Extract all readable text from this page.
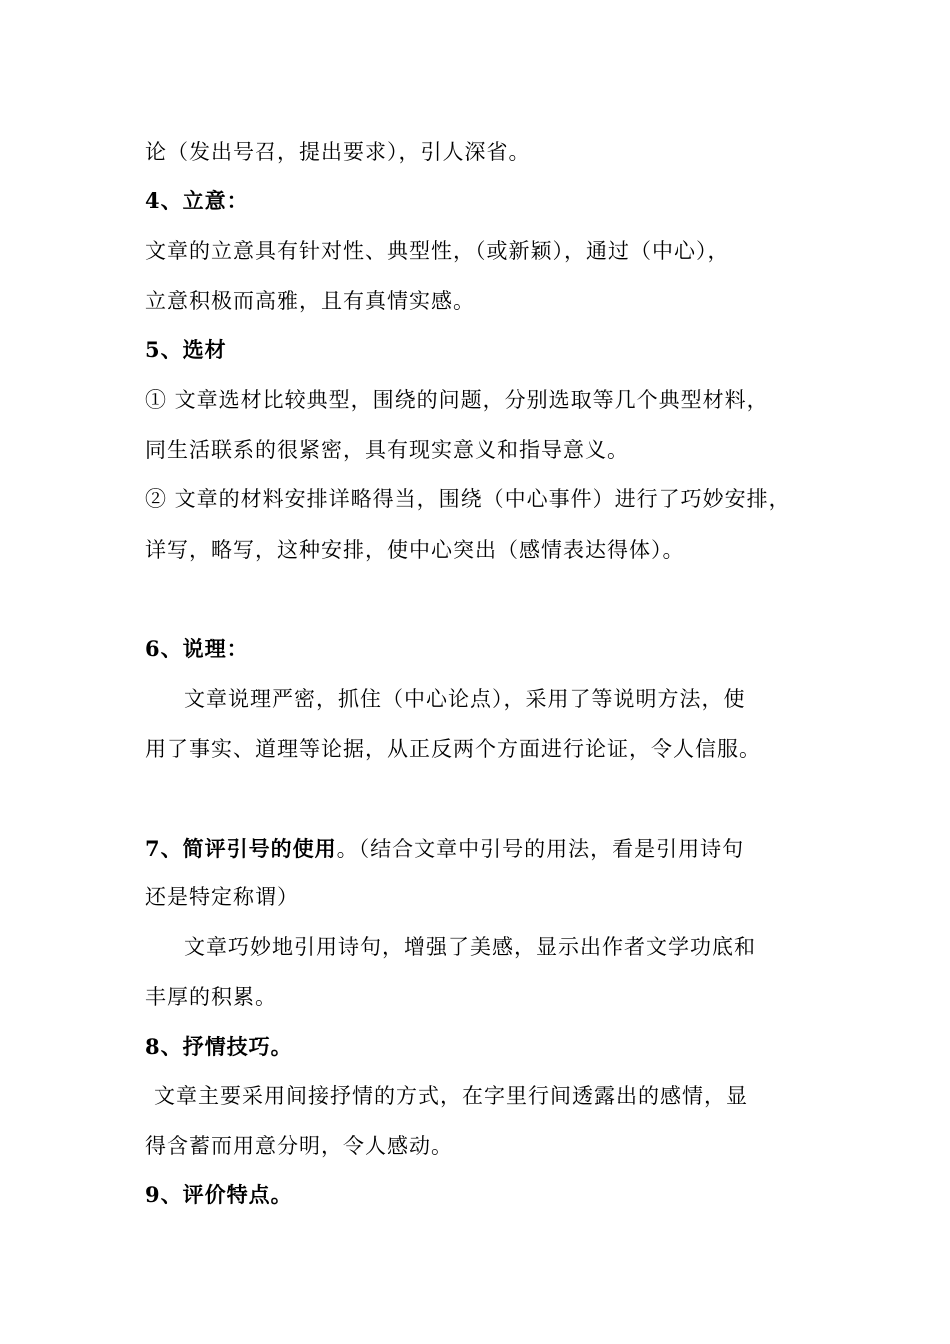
论（发出号召，提出要求），引人深省。
4、立意：
文章的立意具有针对性、典型性，（或新颖），通过（中心），
立意积极而高雅，且有真情实感。
5、选材
① 文章选材比较典型，围绕的问题，分别选取等几个典型材料，
同生活联系的很紧密，具有现实意义和指导意义。
② 文章的材料安排详略得当，围绕（中心事件）进行了巧妙安排，
详写，略写，这种安排，使中心突出（感情表达得体）。
6、说理：
文章说理严密，抓住（中心论点），采用了等说明方法，使
用了事实、道理等论据，从正反两个方面进行论证，令人信服。
7、简评引号的使用。（结合文章中引号的用法，看是引用诗句
还是特定称谓）
文章巧妙地引用诗句，增强了美感，显示出作者文学功底和
丰厚的积累。
8、抒情技巧。
文章主要采用间接抒情的方式，在字里行间透露出的感情，显
得含蓄而用意分明，令人感动。
9、评价特点。
